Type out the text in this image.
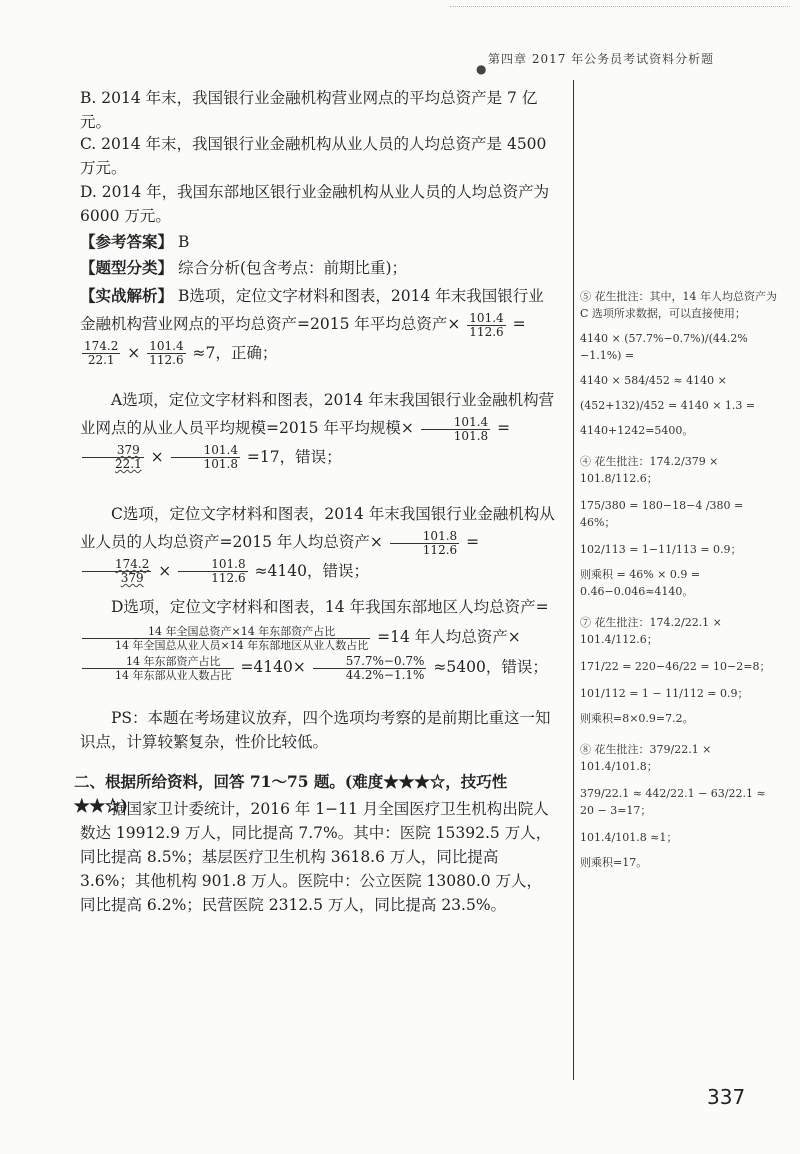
第四章 2017 年公务员考试资料分析题
●

B. 2014 年末，我国银行业金融机构营业网点的平均总资产是 7 亿元。

C. 2014 年末，我国银行业金融机构从业人员的人均总资产是 4500 万元。

D. 2014 年，我国东部地区银行业金融机构从业人员的人均总资产为 6000 万元。

【参考答案】 B

【题型分类】 综合分析(包含考点：前期比重)；

【实战解析】 B选项，定位文字材料和图表，2014 年末我国银行业金融机构营业网点的平均总资产=2015 年平均总资产× $\frac{101.4}{112.6}$ =
$\frac{174.2}{22.1} \times \frac{101.4}{112.6} \approx 7$，正确；
A选项，定位文字材料和图表，2014 年末我国银行业金融机构营业网点的从业人员平均规模=2015 年平均规模× $\frac{101.4}{101.8}$ =
$\frac{379}{22.1} \times \frac{101.4}{101.8} =17$，错误；
C选项，定位文字材料和图表，2014 年末我国银行业金融机构从业人员的人均总资产=2015 年人均总资产× $\frac{101.8}{112.6}$ =
$\frac{174.2}{379} \times \frac{101.8}{112.6} \approx 4140$，错误；
D选项，定位文字材料和图表，14 年我国东部地区人均总资产=
$\frac{\text{14 年全国总资产×14 年东部资产占比}}{\text{14 年全国总从业人员×14 年东部地区从业人数占比}} =14$ 年人均总资产×
$\frac{\text{14 年东部资产占比}}{\text{14 年东部从业人数占比}} =4140\times \frac{57.7\%-0.7\%}{44.2\%-1.1\%} \approx 5400$，错误；

PS：本题在考场建议放弃，四个选项均考察的是前期比重这一知识点，计算较繁复杂，性价比较低。

二、根据所给资料，回答 71～75 题。(难度★★★☆，技巧性★★☆)

据国家卫计委统计，2016 年 1−11 月全国医疗卫生机构出院人数达 19912.9 万人，同比提高 7.7%。其中：医院 15392.5 万人，同比提高 8.5%；基层医疗卫生机构 3618.6 万人，同比提高 3.6%；其他机构 901.8 万人。医院中：公立医院 13080.0 万人，同比提高 6.2%；民营医院 2312.5 万人，同比提高 23.5%。

⑤ 花生批注：其中，14 年人均总资产为 C 选项所求数据，可以直接使用；

4140 × (57.7%−0.7%)/(44.2%−1.1%) =

4140 × 584/452 ≈ 4140 ×

(452+132)/452 = 4140 × 1.3 =

4140+1242=5400。

④ 花生批注：174.2/379 × 101.8/112.6；

175/380 = 180−18−4 /380 = 46%；

102/113 = 1−11/113 = 0.9；

则乘积 = 46% × 0.9 = 0.46−0.046≈4140。

⑦ 花生批注：174.2/22.1 × 101.4/112.6；

171/22 = 220−46/22 = 10−2=8；

101/112 = 1 − 11/112 = 0.9；

则乘积=8×0.9=7.2。

⑧ 花生批注：379/22.1 × 101.4/101.8；

379/22.1 ≈ 442/22.1 − 63/22.1 ≈ 20 − 3=17；

101.4/101.8 ≈1；

则乘积=17。

337
